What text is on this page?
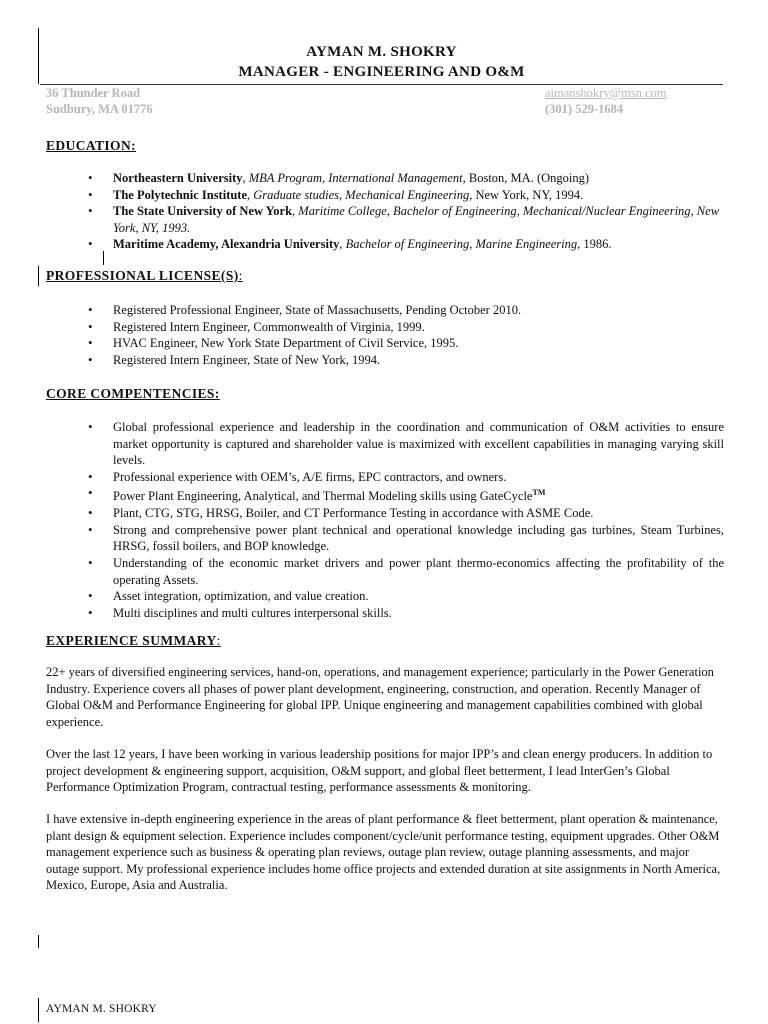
AYMAN M. SHOKRY
MANAGER - ENGINEERING AND O&M
36 Thunder Road
Sudbury, MA 01776
aimanshokry@msn.com
(301) 529-1684
EDUCATION:
• Northeastern University, MBA Program, International Management, Boston, MA. (Ongoing)
• The Polytechnic Institute, Graduate studies, Mechanical Engineering, New York, NY, 1994.
• The State University of New York, Maritime College, Bachelor of Engineering, Mechanical/Nuclear Engineering, New York, NY, 1993.
• Maritime Academy, Alexandria University, Bachelor of Engineering, Marine Engineering, 1986.
PROFESSIONAL LICENSE(S):
• Registered Professional Engineer, State of Massachusetts, Pending October 2010.
• Registered Intern Engineer, Commonwealth of Virginia, 1999.
• HVAC Engineer, New York State Department of Civil Service, 1995.
• Registered Intern Engineer, State of New York, 1994.
CORE COMPENTENCIES:
• Global professional experience and leadership in the coordination and communication of O&M activities to ensure market opportunity is captured and shareholder value is maximized with excellent capabilities in managing varying skill levels.
• Professional experience with OEM’s, A/E firms, EPC contractors, and owners.
• Power Plant Engineering, Analytical, and Thermal Modeling skills using GateCycle™
• Plant, CTG, STG, HRSG, Boiler, and CT Performance Testing in accordance with ASME Code.
• Strong and comprehensive power plant technical and operational knowledge including gas turbines, Steam Turbines, HRSG, fossil boilers, and BOP knowledge.
• Understanding of the economic market drivers and power plant thermo-economics affecting the profitability of the operating Assets.
• Asset integration, optimization, and value creation.
• Multi disciplines and multi cultures interpersonal skills.
EXPERIENCE SUMMARY:

22+ years of diversified engineering services, hand-on, operations, and management experience; particularly in the Power Generation Industry. Experience covers all phases of power plant development, engineering, construction, and operation. Recently Manager of Global O&M and Performance Engineering for global IPP. Unique engineering and management capabilities combined with global experience.

Over the last 12 years, I have been working in various leadership positions for major IPP’s and clean energy producers. In addition to project development & engineering support, acquisition, O&M support, and global fleet betterment, I lead InterGen’s Global Performance Optimization Program, contractual testing, performance assessments & monitoring.

I have extensive in-depth engineering experience in the areas of plant performance & fleet betterment, plant operation & maintenance, plant design & equipment selection. Experience includes component/cycle/unit performance testing, equipment upgrades. Other O&M management experience such as business & operating plan reviews, outage plan review, outage planning assessments, and major outage support. My professional experience includes home office projects and extended duration at site assignments in North America, Mexico, Europe, Asia and Australia.

AYMAN M. SHOKRY
